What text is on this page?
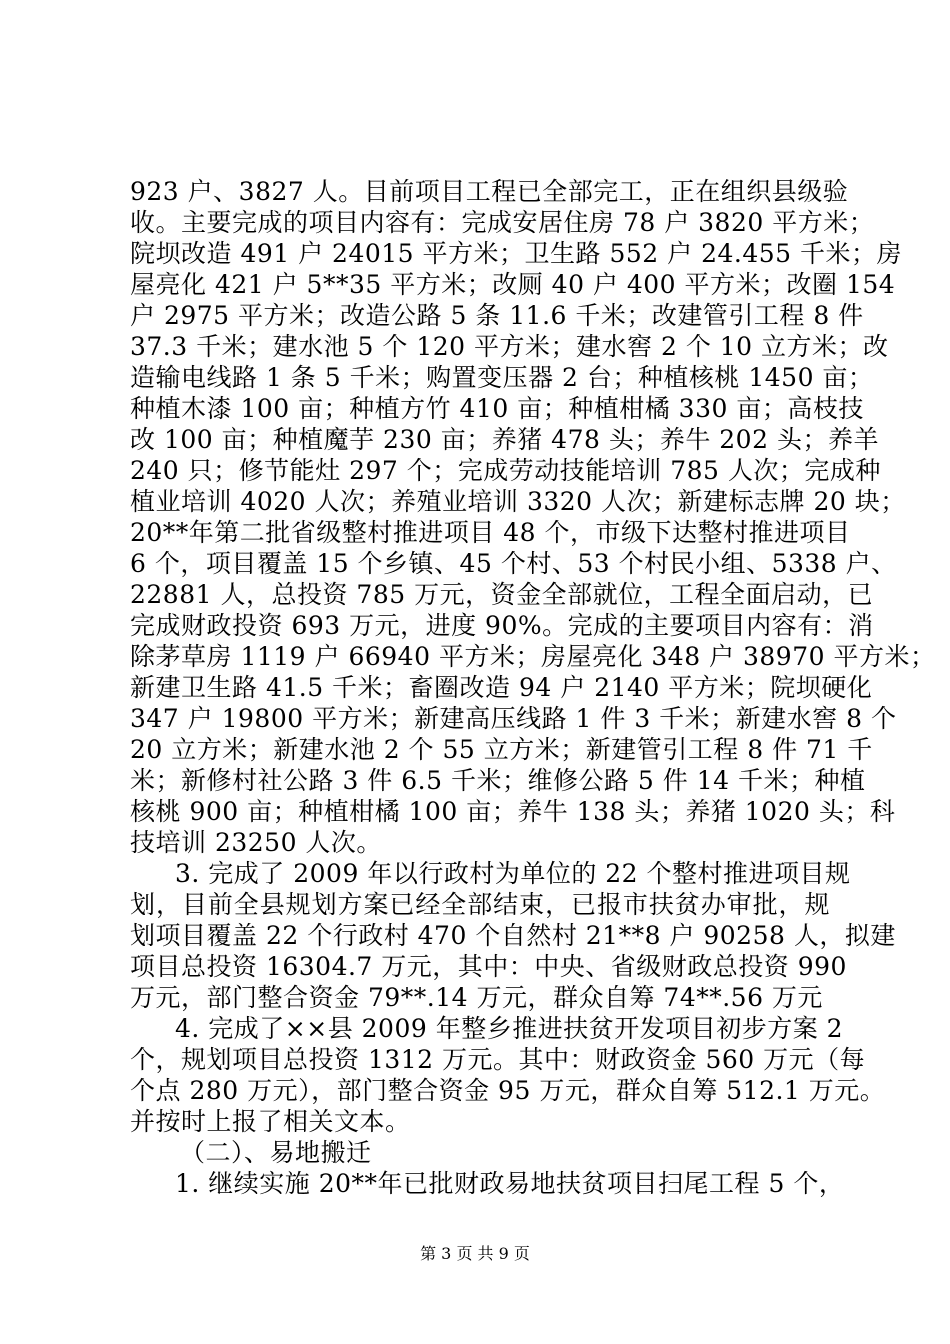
923 户、3827 人。目前项目工程已全部完工，正在组织县级验
收。主要完成的项目内容有：完成安居住房 78 户 3820 平方米；
院坝改造 491 户 24015 平方米；卫生路 552 户 24.455 千米；房
屋亮化 421 户 5**35 平方米；改厕 40 户 400 平方米；改圈 154
户 2975 平方米；改造公路 5 条 11.6 千米；改建管引工程 8 件
37.3 千米；建水池 5 个 120 平方米；建水窖 2 个 10 立方米；改
造输电线路 1 条 5 千米；购置变压器 2 台；种植核桃 1450 亩；
种植木漆 100 亩；种植方竹 410 亩；种植柑橘 330 亩；高枝技
改 100 亩；种植魔芋 230 亩；养猪 478 头；养牛 202 头；养羊
240 只；修节能灶 297 个；完成劳动技能培训 785 人次；完成种
植业培训 4020 人次；养殖业培训 3320 人次；新建标志牌 20 块；
20**年第二批省级整村推进项目 48 个，市级下达整村推进项目
6 个，项目覆盖 15 个乡镇、45 个村、53 个村民小组、5338 户、
22881 人，总投资 785 万元，资金全部就位，工程全面启动，已
完成财政投资 693 万元，进度 90%。完成的主要项目内容有：消
除茅草房 1119 户 66940 平方米；房屋亮化 348 户 38970 平方米；
新建卫生路 41.5 千米；畜圈改造 94 户 2140 平方米；院坝硬化
347 户 19800 平方米；新建高压线路 1 件 3 千米；新建水窖 8 个
20 立方米；新建水池 2 个 55 立方米；新建管引工程 8 件 71 千
米；新修村社公路 3 件 6.5 千米；维修公路 5 件 14 千米；种植
核桃 900 亩；种植柑橘 100 亩；养牛 138 头；养猪 1020 头；科
技培训 23250 人次。
3. 完成了 2009 年以行政村为单位的 22 个整村推进项目规
划，目前全县规划方案已经全部结束，已报市扶贫办审批，规
划项目覆盖 22 个行政村 470 个自然村 21**8 户 90258 人，拟建
项目总投资 16304.7 万元，其中：中央、省级财政总投资 990
万元，部门整合资金 79**.14 万元，群众自筹 74**.56 万元
4. 完成了××县 2009 年整乡推进扶贫开发项目初步方案 2
个，规划项目总投资 1312 万元。其中：财政资金 560 万元（每
个点 280 万元），部门整合资金 95 万元，群众自筹 512.1 万元。
并按时上报了相关文本。
（二）、易地搬迁
1. 继续实施 20**年已批财政易地扶贫项目扫尾工程 5 个，
第 3 页 共 9 页
